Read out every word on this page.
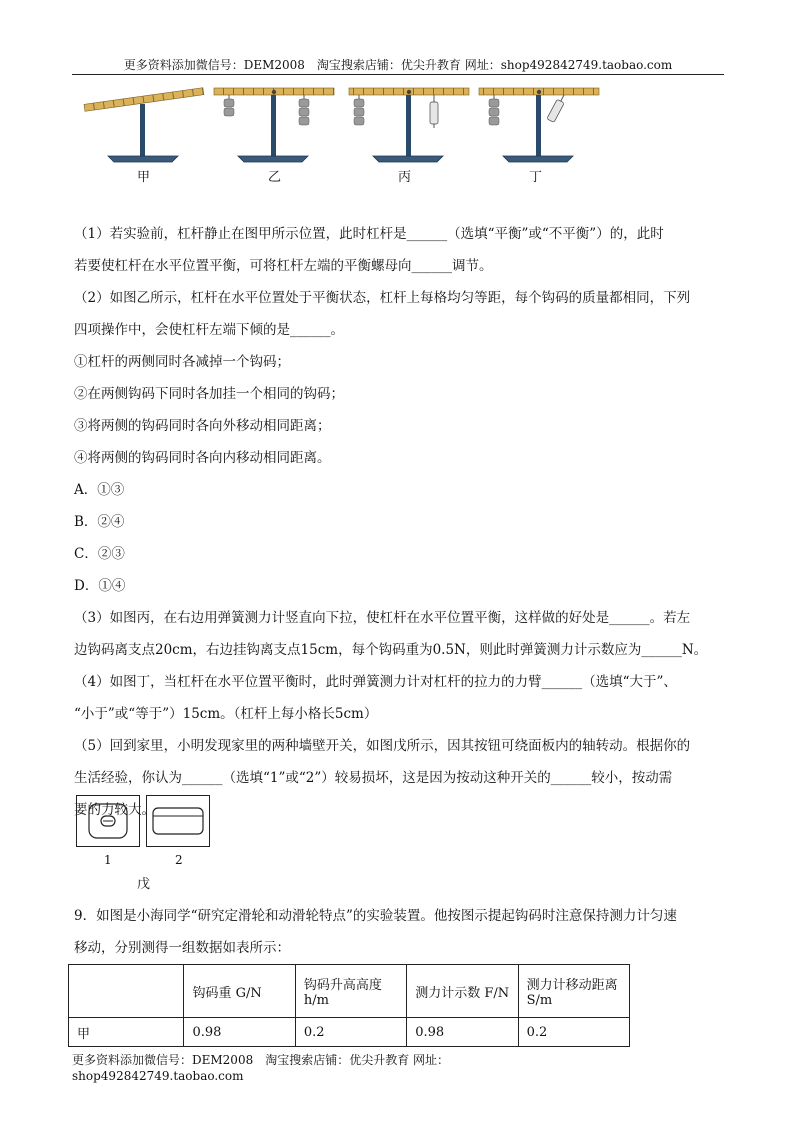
更多资料添加微信号：DEM2008　淘宝搜索店铺：优尖升教育 网址：shop492842749.taobao.com
甲	乙	丙	丁

（1）若实验前，杠杆静止在图甲所示位置，此时杠杆是______（选填“平衡”或“不平衡”）的，此时

若要使杠杆在水平位置平衡，可将杠杆左端的平衡螺母向______调节。

（2）如图乙所示，杠杆在水平位置处于平衡状态，杠杆上每格均匀等距，每个钩码的质量都相同，下列

四项操作中，会使杠杆左端下倾的是______。

①杠杆的两侧同时各减掉一个钩码；

②在两侧钩码下同时各加挂一个相同的钩码；

③将两侧的钩码同时各向外移动相同距离；

④将两侧的钩码同时各向内移动相同距离。

A．①③

B．②④

C．②③

D．①④

（3）如图丙，在右边用弹簧测力计竖直向下拉，使杠杆在水平位置平衡，这样做的好处是______。若左

边钩码离支点20cm，右边挂钩离支点15cm，每个钩码重为0.5N，则此时弹簧测力计示数应为______N。

（4）如图丁，当杠杆在水平位置平衡时，此时弹簧测力计对杠杆的拉力的力臂______（选填“大于”、

“小于”或“等于”）15cm。（杠杆上每小格长5cm）

（5）回到家里，小明发现家里的两种墙壁开关，如图戊所示，因其按钮可绕面板内的轴转动。根据你的

生活经验，你认为______（选填“1”或“2”）较易损坏，这是因为按动这种开关的______较小，按动需

要的力较大。

1	2
戊

9．如图是小海同学“研究定滑轮和动滑轮特点”的实验装置。他按图示提起钩码时注意保持测力计匀速

移动，分别测得一组数据如表所示：

	钩码重 G/N	钩码升高高度 h/m	测力计示数 F/N	测力计移动距离 S/m
甲	0.98	0.2	0.98	0.2
更多资料添加微信号：DEM2008　淘宝搜索店铺：优尖升教育 网址：shop492842749.taobao.com
